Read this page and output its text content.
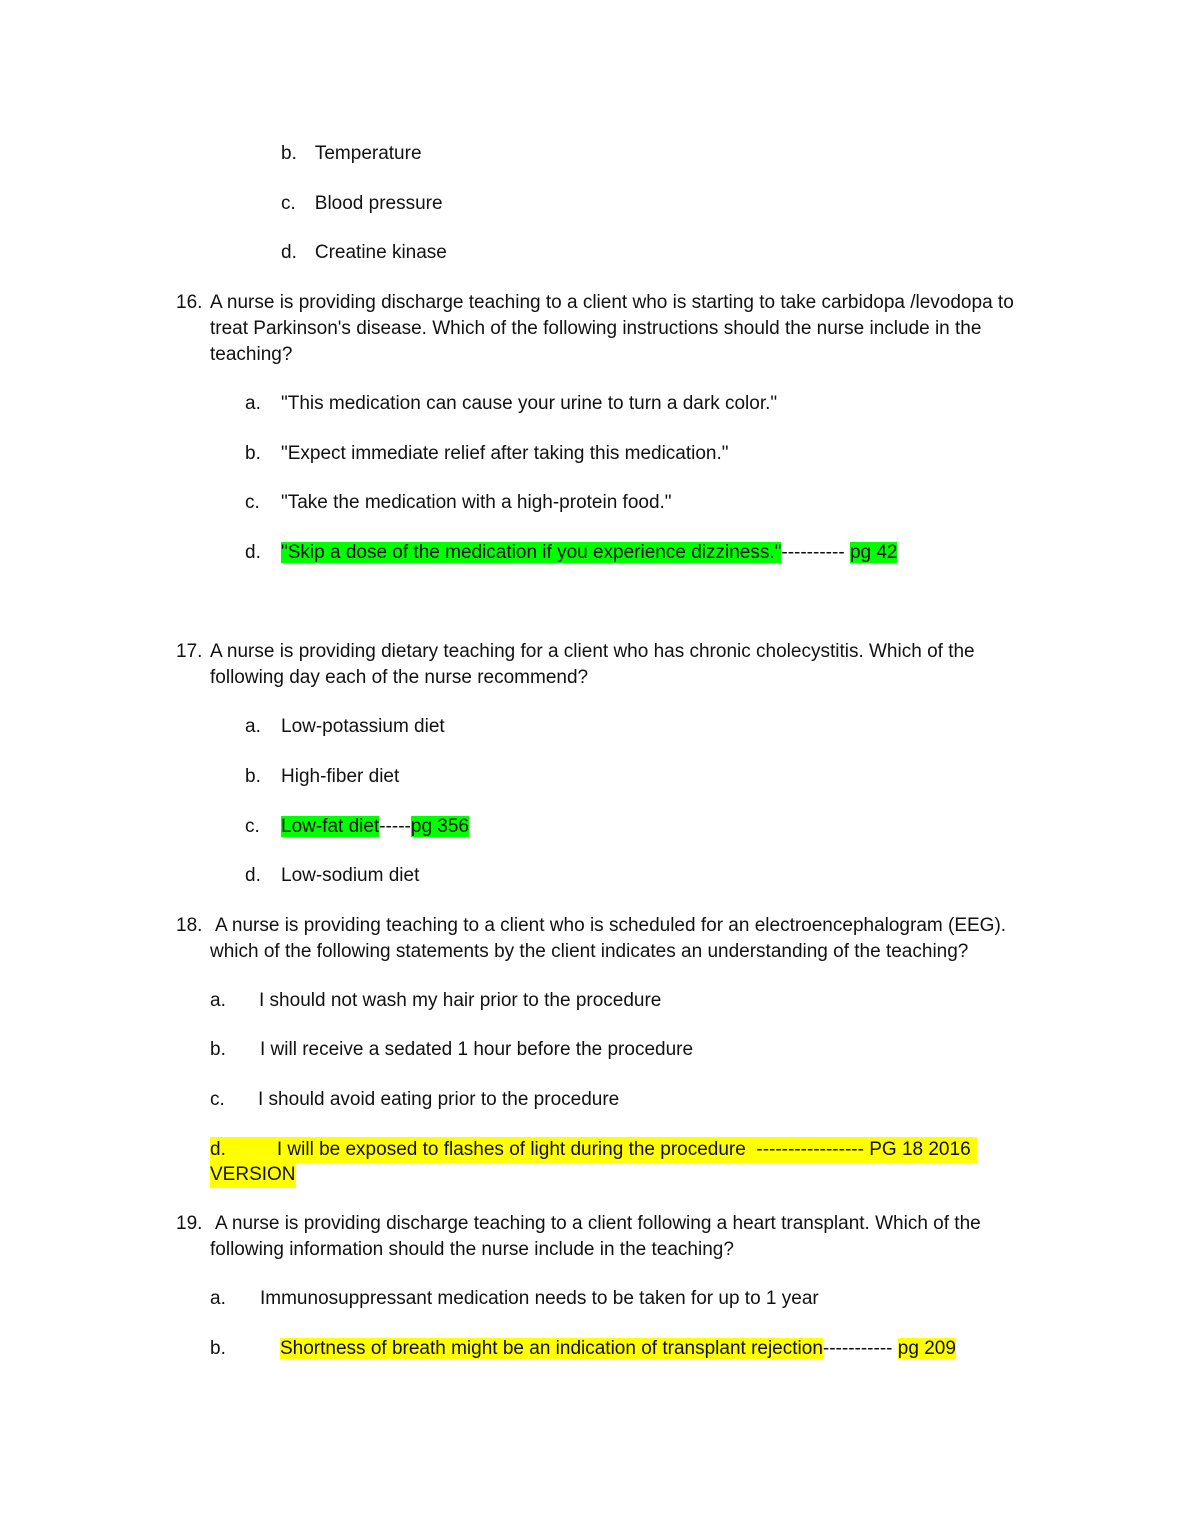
b. Temperature
c. Blood pressure
d. Creatine kinase
16. A nurse is providing discharge teaching to a client who is starting to take carbidopa /levodopa to
treat Parkinson's disease. Which of the following instructions should the nurse include in the
teaching?
a. "This medication can cause your urine to turn a dark color."
b. "Expect immediate relief after taking this medication."
c. "Take the medication with a high-protein food."
d. "Skip a dose of the medication if you experience dizziness."---------- pg 42
17. A nurse is providing dietary teaching for a client who has chronic cholecystitis. Which of the
following day each of the nurse recommend?
a. Low-potassium diet
b. High-fiber diet
c. Low-fat diet-----pg 356
d. Low-sodium diet
18. A nurse is providing teaching to a client who is scheduled for an electroencephalogram (EEG).
which of the following statements by the client indicates an understanding of the teaching?
a. I should not wash my hair prior to the procedure
b. I will receive a sedated 1 hour before the procedure
c. I should avoid eating prior to the procedure
d.	I will be exposed to flashes of light during the procedure ----------------- PG 18 2016
VERSION
19. A nurse is providing discharge teaching to a client following a heart transplant. Which of the
following information should the nurse include in the teaching?
a. Immunosuppressant medication needs to be taken for up to 1 year
b.	Shortness of breath might be an indication of transplant rejection----------- pg 209
